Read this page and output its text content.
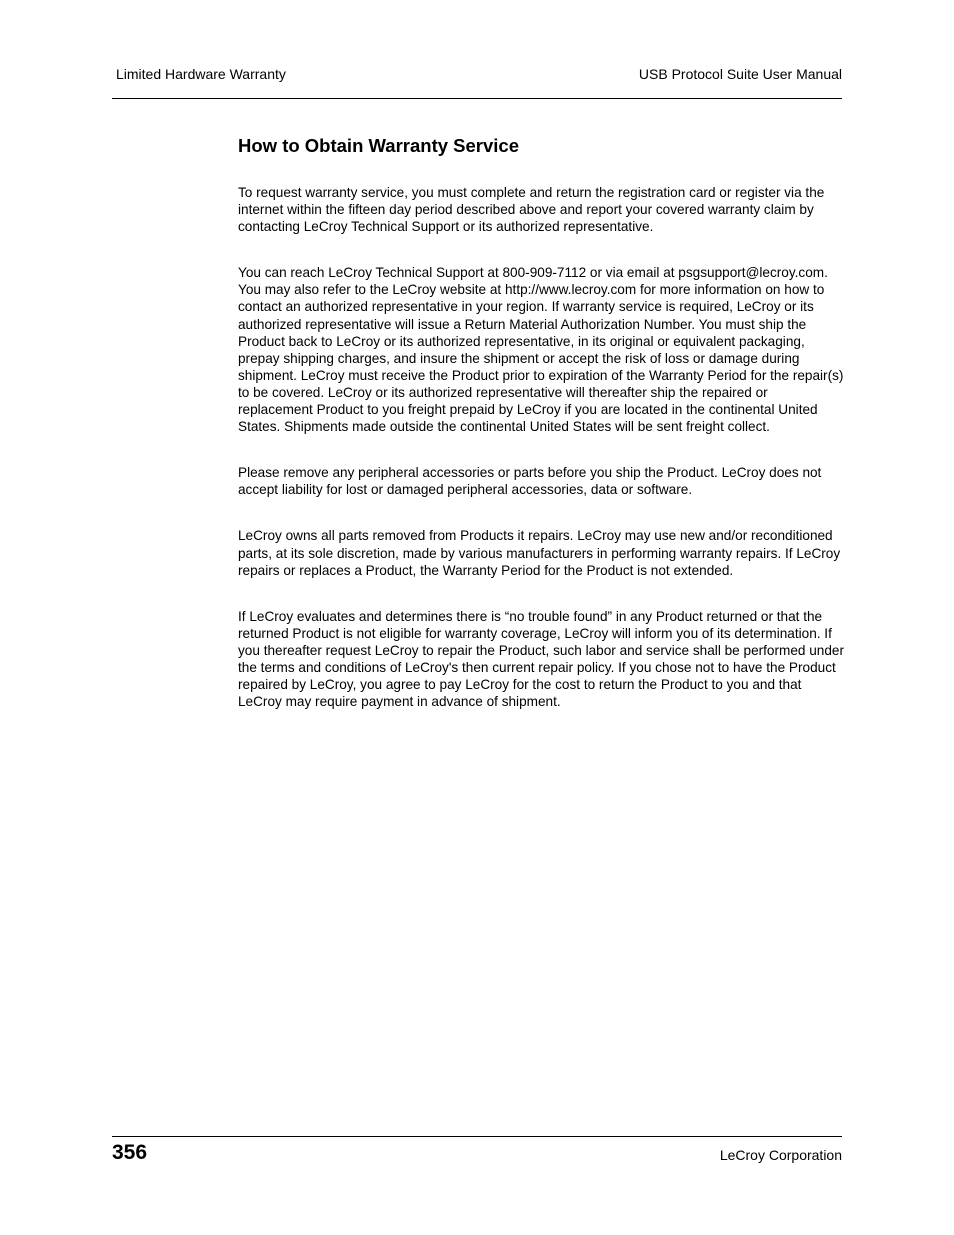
Limited Hardware Warranty	USB Protocol Suite User Manual
How to Obtain Warranty Service

To request warranty service, you must complete and return the registration card or register via the internet within the fifteen day period described above and report your covered warranty claim by contacting LeCroy Technical Support or its authorized representative.

You can reach LeCroy Technical Support at 800-909-7112 or via email at psgsupport@lecroy.com. You may also refer to the LeCroy website at http://www.lecroy.com for more information on how to contact an authorized representative in your region. If warranty service is required, LeCroy or its authorized representative will issue a Return Material Authorization Number. You must ship the Product back to LeCroy or its authorized representative, in its original or equivalent packaging, prepay shipping charges, and insure the shipment or accept the risk of loss or damage during shipment. LeCroy must receive the Product prior to expiration of the Warranty Period for the repair(s) to be covered. LeCroy or its authorized representative will thereafter ship the repaired or replacement Product to you freight prepaid by LeCroy if you are located in the continental United States. Shipments made outside the continental United States will be sent freight collect.

Please remove any peripheral accessories or parts before you ship the Product. LeCroy does not accept liability for lost or damaged peripheral accessories, data or software.

LeCroy owns all parts removed from Products it repairs. LeCroy may use new and/or reconditioned parts, at its sole discretion, made by various manufacturers in performing warranty repairs. If LeCroy repairs or replaces a Product, the Warranty Period for the Product is not extended.

If LeCroy evaluates and determines there is “no trouble found” in any Product returned or that the returned Product is not eligible for warranty coverage, LeCroy will inform you of its determination. If you thereafter request LeCroy to repair the Product, such labor and service shall be performed under the terms and conditions of LeCroy's then current repair policy. If you chose not to have the Product repaired by LeCroy, you agree to pay LeCroy for the cost to return the Product to you and that LeCroy may require payment in advance of shipment.

356	LeCroy Corporation
